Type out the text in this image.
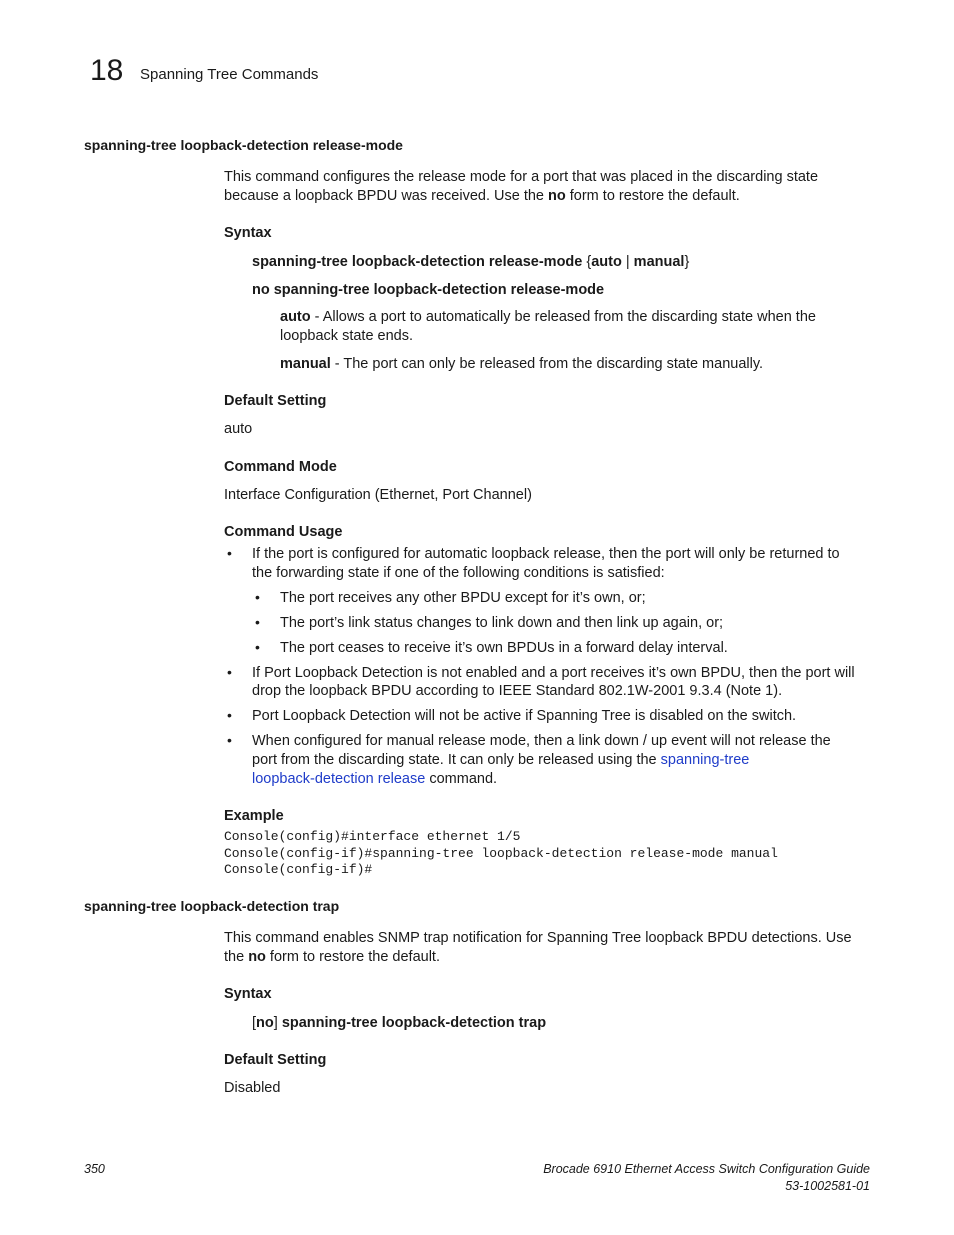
18 Spanning Tree Commands
spanning-tree loopback-detection release-mode
This command configures the release mode for a port that was placed in the discarding state
because a loopback BPDU was received. Use the no form to restore the default.
Syntax
spanning-tree loopback-detection release-mode {auto | manual}
no spanning-tree loopback-detection release-mode
auto - Allows a port to automatically be released from the discarding state when the
loopback state ends.
manual - The port can only be released from the discarding state manually.
Default Setting
auto
Command Mode
Interface Configuration (Ethernet, Port Channel)
Command Usage
• If the port is configured for automatic loopback release, then the port will only be returned to
the forwarding state if one of the following conditions is satisfied:
• The port receives any other BPDU except for it’s own, or;
• The port’s link status changes to link down and then link up again, or;
• The port ceases to receive it’s own BPDUs in a forward delay interval.
• If Port Loopback Detection is not enabled and a port receives it’s own BPDU, then the port will
drop the loopback BPDU according to IEEE Standard 802.1W-2001 9.3.4 (Note 1).
• Port Loopback Detection will not be active if Spanning Tree is disabled on the switch.
• When configured for manual release mode, then a link down / up event will not release the
port from the discarding state. It can only be released using the spanning-tree
loopback-detection release command.
Example
Console(config)#interface ethernet 1/5
Console(config-if)#spanning-tree loopback-detection release-mode manual
Console(config-if)#
spanning-tree loopback-detection trap
This command enables SNMP trap notification for Spanning Tree loopback BPDU detections. Use
the no form to restore the default.
Syntax
[no] spanning-tree loopback-detection trap
Default Setting
Disabled
350	Brocade 6910 Ethernet Access Switch Configuration Guide
53-1002581-01
